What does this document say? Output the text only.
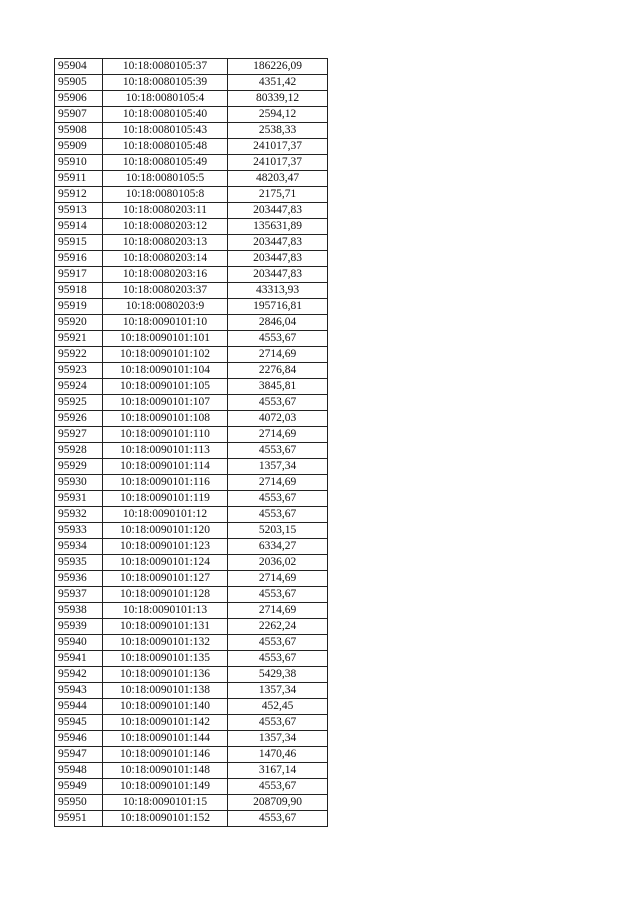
95904	10:18:0080105:37	186226,09
95905	10:18:0080105:39	4351,42
95906	10:18:0080105:4	80339,12
95907	10:18:0080105:40	2594,12
95908	10:18:0080105:43	2538,33
95909	10:18:0080105:48	241017,37
95910	10:18:0080105:49	241017,37
95911	10:18:0080105:5	48203,47
95912	10:18:0080105:8	2175,71
95913	10:18:0080203:11	203447,83
95914	10:18:0080203:12	135631,89
95915	10:18:0080203:13	203447,83
95916	10:18:0080203:14	203447,83
95917	10:18:0080203:16	203447,83
95918	10:18:0080203:37	43313,93
95919	10:18:0080203:9	195716,81
95920	10:18:0090101:10	2846,04
95921	10:18:0090101:101	4553,67
95922	10:18:0090101:102	2714,69
95923	10:18:0090101:104	2276,84
95924	10:18:0090101:105	3845,81
95925	10:18:0090101:107	4553,67
95926	10:18:0090101:108	4072,03
95927	10:18:0090101:110	2714,69
95928	10:18:0090101:113	4553,67
95929	10:18:0090101:114	1357,34
95930	10:18:0090101:116	2714,69
95931	10:18:0090101:119	4553,67
95932	10:18:0090101:12	4553,67
95933	10:18:0090101:120	5203,15
95934	10:18:0090101:123	6334,27
95935	10:18:0090101:124	2036,02
95936	10:18:0090101:127	2714,69
95937	10:18:0090101:128	4553,67
95938	10:18:0090101:13	2714,69
95939	10:18:0090101:131	2262,24
95940	10:18:0090101:132	4553,67
95941	10:18:0090101:135	4553,67
95942	10:18:0090101:136	5429,38
95943	10:18:0090101:138	1357,34
95944	10:18:0090101:140	452,45
95945	10:18:0090101:142	4553,67
95946	10:18:0090101:144	1357,34
95947	10:18:0090101:146	1470,46
95948	10:18:0090101:148	3167,14
95949	10:18:0090101:149	4553,67
95950	10:18:0090101:15	208709,90
95951	10:18:0090101:152	4553,67
